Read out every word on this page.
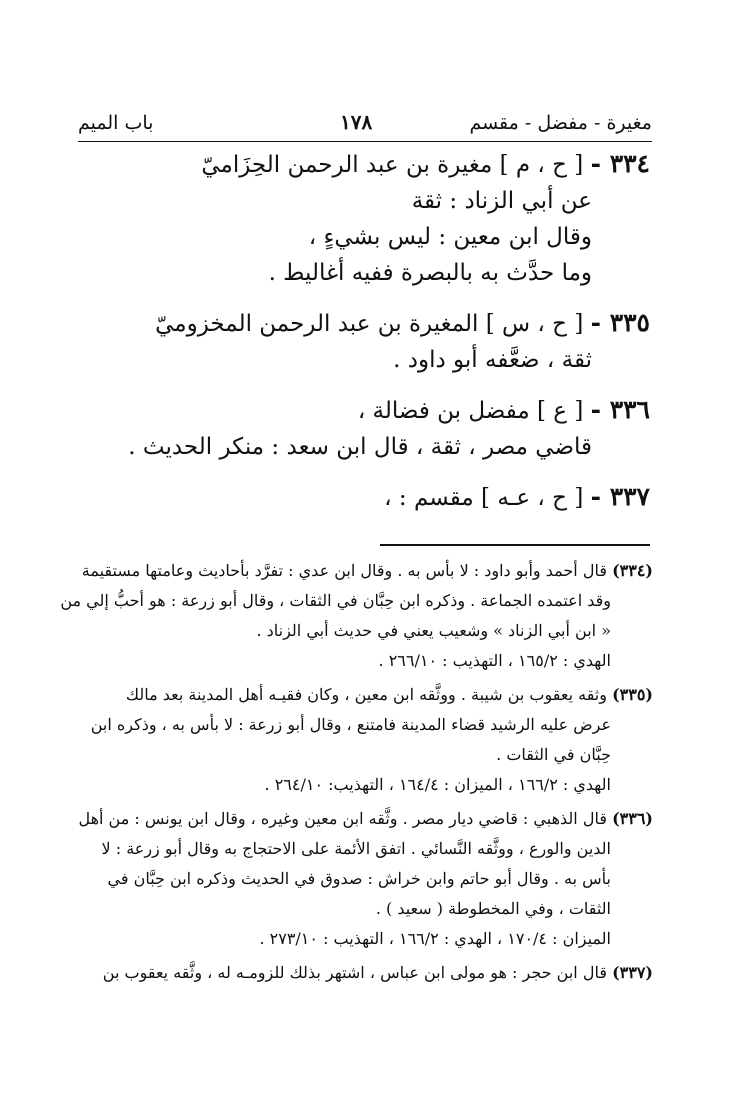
مغيرة - مفضل - مقسم
١٧٨
باب الميم
٣٣٤ - [ ح ، م ] مغيرة بن عبد الرحمن الحِزَاميّ
عن أبي الزناد : ثقة
وقال ابن معين : ليس بشيءٍ ،
وما حدَّث به بالبصرة ففيه أغاليط .
٣٣٥ - [ ح ، س ] المغيرة بن عبد الرحمن المخزوميّ
ثقة ، ضعَّفه أبو داود .
٣٣٦ - [ ع ] مفضل بن فضالة ،
قاضي مصر ، ثقة ، قال ابن سعد : منكر الحديث .
٣٣٧ - [ ح ، عـه ] مقسم : ،
(٣٣٤) قال أحمد وأبو داود : لا بأس به . وقال ابن عدي : تفرَّد بأحاديث وعامتها مستقيمة
وقد اعتمده الجماعة . وذكره ابن حِبَّان في الثقات ، وقال أبو زرعة : هو أحبُّ إلي من
« ابن أبي الزناد » وشعيب يعني في حديث أبي الزناد .
الهدي : ١٦٥/٢ ، التهذيب : ٢٦٦/١٠ .
(٣٣٥) وثقه يعقوب بن شيبة . ووثَّقه ابن معين ، وكان فقيـه أهل المدينة بعد مالك
عرض عليه الرشيد قضاء المدينة فامتنع ، وقال أبو زرعة : لا بأس به ، وذكره ابن
حِبَّان في الثقات .
الهدي : ١٦٦/٢ ، الميزان : ١٦٤/٤ ، التهذيب: ٢٦٤/١٠ .
(٣٣٦) قال الذهبي : قاضي ديار مصر . وثَّقه ابن معين وغيره ، وقال ابن يونس : من أهل
الدين والورع ، ووثَّقه النَّسائي . اتفق الأئمة على الاحتجاج به وقال أبو زرعة : لا
بأس به . وقال أبو حاتم وابن خراش : صدوق في الحديث وذكره ابن حِبَّان في
الثقات ، وفي المخطوطة ( سعيد ) .
الميزان : ١٧٠/٤ ، الهدي : ١٦٦/٢ ، التهذيب : ٢٧٣/١٠ .
(٣٣٧) قال ابن حجر : هو مولى ابن عباس ، اشتهر بذلك للزومـه له ، وثَّقه يعقوب بن
